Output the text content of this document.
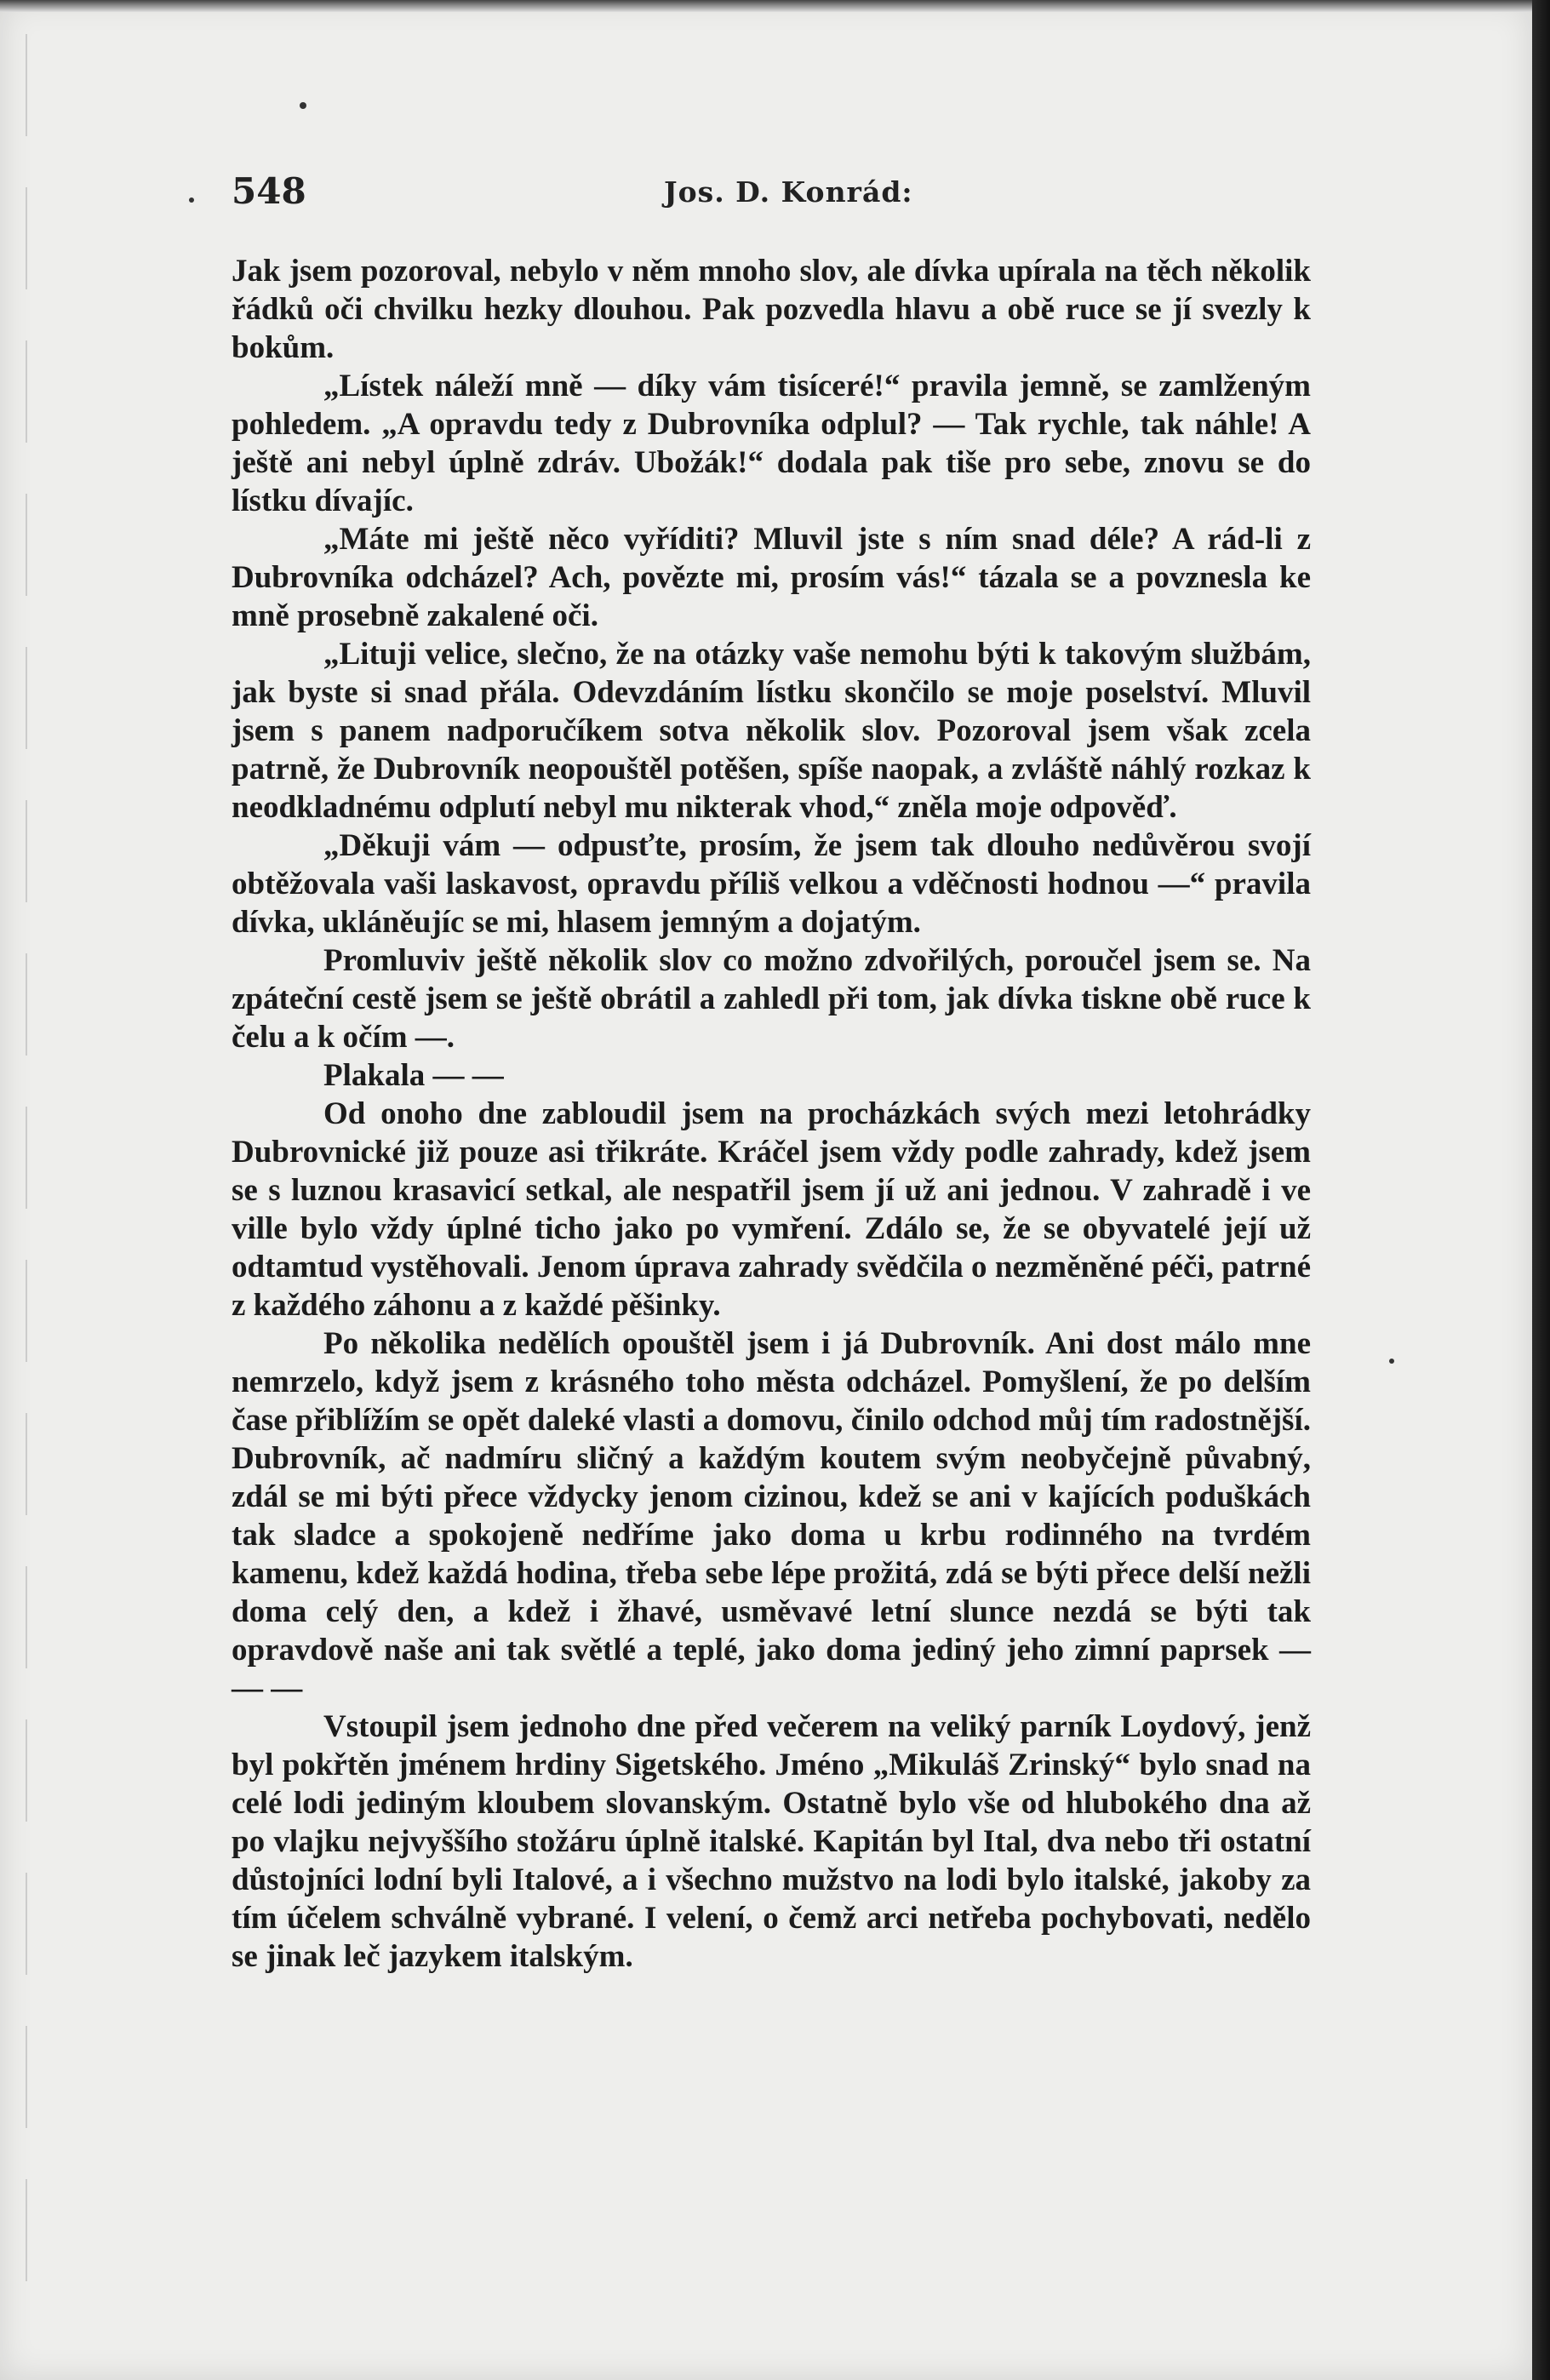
548	Jos. D. Konrád:

Jak jsem pozoroval, nebylo v něm mnoho slov, ale dívka upírala na těch několik řádků oči chvilku hezky dlouhou. Pak pozvedla hlavu a obě ruce se jí svezly k bokům.

„Lístek náleží mně — díky vám tisíceré!“ pravila jemně, se zamlženým pohledem. „A opravdu tedy z Dubrovníka odplul? — Tak rychle, tak náhle! A ještě ani nebyl úplně zdráv. Ubožák!“ dodala pak tiše pro sebe, znovu se do lístku dívajíc.

„Máte mi ještě něco vyříditi? Mluvil jste s ním snad déle? A rád-li z Dubrovníka odcházel? Ach, povězte mi, prosím vás!“ tázala se a povznesla ke mně prosebně zakalené oči.

„Lituji velice, slečno, že na otázky vaše nemohu býti k takovým službám, jak byste si snad přála. Odevzdáním lístku skončilo se moje poselství. Mluvil jsem s panem nadporučíkem sotva několik slov. Pozoroval jsem však zcela patrně, že Dubrovník neopouštěl potěšen, spíše naopak, a zvláště náhlý rozkaz k neodkladnému odplutí nebyl mu nikterak vhod,“ zněla moje odpověď.

„Děkuji vám — odpusťte, prosím, že jsem tak dlouho nedůvěrou svojí obtěžovala vaši laskavost, opravdu příliš velkou a vděčnosti hodnou —“ pravila dívka, ukláněujíc se mi, hlasem jemným a dojatým.

Promluviv ještě několik slov co možno zdvořilých, poroučel jsem se. Na zpáteční cestě jsem se ještě obrátil a zahledl při tom, jak dívka tiskne obě ruce k čelu a k očím —.

Plakala — —

Od onoho dne zabloudil jsem na procházkách svých mezi letohrádky Dubrovnické již pouze asi třikráte. Kráčel jsem vždy podle zahrady, kdež jsem se s luznou krasavicí setkal, ale nespatřil jsem jí už ani jednou. V zahradě i ve ville bylo vždy úplné ticho jako po vymření. Zdálo se, že se obyvatelé její už odtamtud vystěhovali. Jenom úprava zahrady svědčila o nezměněné péči, patrné z každého záhonu a z každé pěšinky.

Po několika nedělích opouštěl jsem i já Dubrovník. Ani dost málo mne nemrzelo, když jsem z krásného toho města odcházel. Pomyšlení, že po delším čase přiblížím se opět daleké vlasti a domovu, činilo odchod můj tím radostnější. Dubrovník, ač nadmíru sličný a každým koutem svým neobyčejně půvabný, zdál se mi býti přece vždycky jenom cizinou, kdež se ani v kajících poduškách tak sladce a spokojeně nedříme jako doma u krbu rodinného na tvrdém kamenu, kdež každá hodina, třeba sebe lépe prožitá, zdá se býti přece delší nežli doma celý den, a kdež i žhavé, usměvavé letní slunce nezdá se býti tak opravdově naše ani tak světlé a teplé, jako doma jediný jeho zimní paprsek — — —

Vstoupil jsem jednoho dne před večerem na veliký parník Loydový, jenž byl pokřtěn jménem hrdiny Sigetského. Jméno „Mikuláš Zrinský“ bylo snad na celé lodi jediným kloubem slovanským. Ostatně bylo vše od hlubokého dna až po vlajku nejvyššího stožáru úplně italské. Kapitán byl Ital, dva nebo tři ostatní důstojníci lodní byli Italové, a i všechno mužstvo na lodi bylo italské, jakoby za tím účelem schválně vybrané. I velení, o čemž arci netřeba pochybovati, nedělo se jinak leč jazykem italským.
